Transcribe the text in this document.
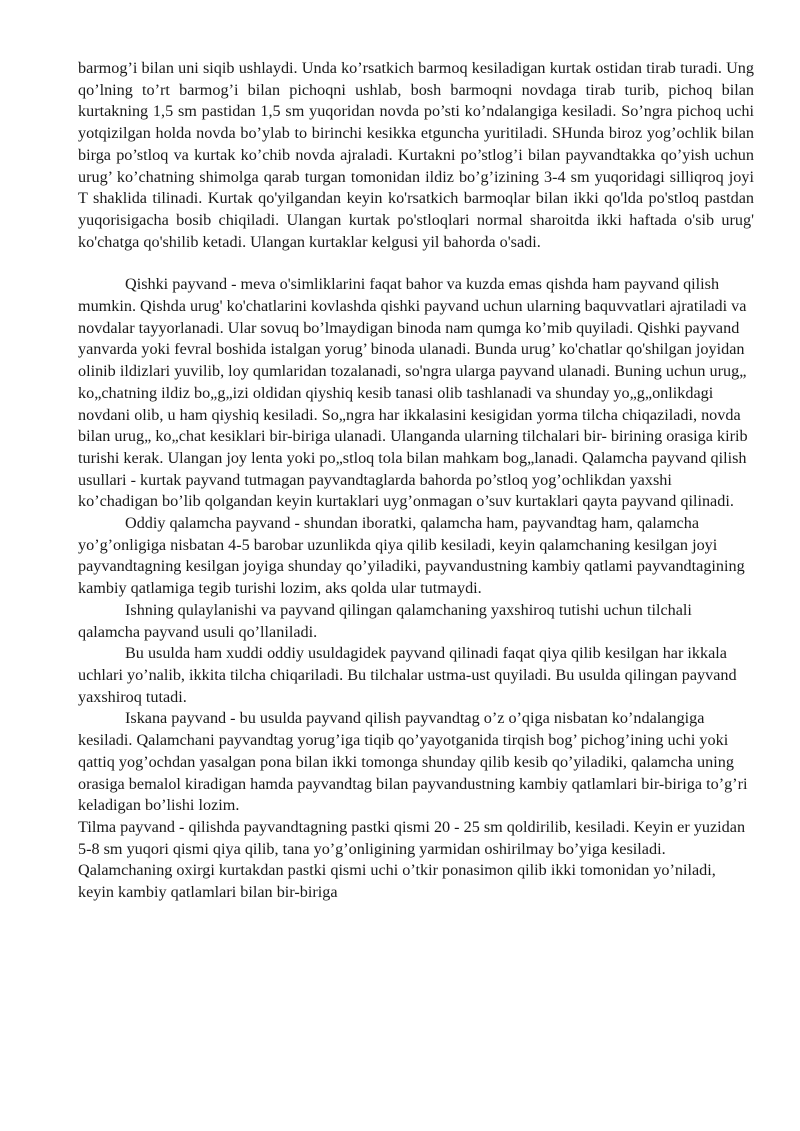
barmog’i bilan uni siqib ushlaydi. Unda ko’rsatkich barmoq kesiladigan kurtak ostidan tirab turadi. Ung qo’lning to’rt barmog’i bilan pichoqni ushlab, bosh barmoqni novdaga tirab turib, pichoq bilan kurtakning 1,5 sm pastidan 1,5 sm yuqoridan novda po’sti ko’ndalangiga kesiladi. So’ngra pichoq uchi yotqizilgan holda novda bo’ylab to birinchi kesikka etguncha yuritiladi. SHunda biroz yog’ochlik bilan birga po’stloq va kurtak ko’chib novda ajraladi. Kurtakni po’stlog’i bilan payvandtakka qo’yish uchun urug’ ko’chatning shimolga qarab turgan tomonidan ildiz bo’g’izining 3-4 sm yuqoridagi silliqroq joyi T shaklida tilinadi. Kurtak qo'yilgandan keyin ko'rsatkich barmoqlar bilan ikki qo'lda po'stloq pastdan yuqorisigacha bosib chiqiladi. Ulangan kurtak po'stloqlari normal sharoitda ikki haftada o'sib urug' ko'chatga qo'shilib ketadi. Ulangan kurtaklar kelgusi yil bahorda o'sadi.

Qishki payvand - meva o'simliklarini faqat bahor va kuzda emas qishda ham payvand qilish mumkin. Qishda urug' ko'chatlarini kovlashda qishki payvand uchun ularning baquvvatlari ajratiladi va novdalar tayyorlanadi. Ular sovuq bo’lmaydigan binoda nam qumga ko’mib quyiladi. Qishki payvand yanvarda yoki fevral boshida istalgan yorug’ binoda ulanadi. Bunda urug’ ko'chatlar qo'shilgan joyidan olinib ildizlari yuvilib, loy qumlaridan tozalanadi, so'ngra ularga payvand ulanadi. Buning uchun urug„ ko„chatning ildiz bo„g„izi oldidan qiyshiq kesib tanasi olib tashlanadi va shunday yo„g„onlikdagi novdani olib, u ham qiyshiq kesiladi. So„ngra har ikkalasini kesigidan yorma tilcha chiqaziladi, novda bilan urug„ ko„chat kesiklari bir-biriga ulanadi. Ulanganda ularning tilchalari bir- birining orasiga kirib turishi kerak. Ulangan joy lenta yoki po„stloq tola bilan mahkam bog„lanadi. Qalamcha payvand qilish usullari - kurtak payvand tutmagan payvandtaglarda bahorda po’stloq yog’ochlikdan yaxshi ko’chadigan bo’lib qolgandan keyin kurtaklari uyg’onmagan o’suv kurtaklari qayta payvand qilinadi.

Oddiy qalamcha payvand - shundan iboratki, qalamcha ham, payvandtag ham, qalamcha yo’g’onligiga nisbatan 4-5 barobar uzunlikda qiya qilib kesiladi, keyin qalamchaning kesilgan joyi payvandtagning kesilgan joyiga shunday qo’yiladiki, payvandustning kambiy qatlami payvandtagining kambiy qatlamiga tegib turishi lozim, aks qolda ular tutmaydi.

Ishning qulaylanishi va payvand qilingan qalamchaning yaxshiroq tutishi uchun tilchali qalamcha payvand usuli qo’llaniladi.

Bu usulda ham xuddi oddiy usuldagidek payvand qilinadi faqat qiya qilib kesilgan har ikkala uchlari yo’nalib, ikkita tilcha chiqariladi. Bu tilchalar ustma-ust quyiladi. Bu usulda qilingan payvand yaxshiroq tutadi.

Iskana payvand - bu usulda payvand qilish payvandtag o’z o’qiga nisbatan ko’ndalangiga kesiladi. Qalamchani payvandtag yorug’iga tiqib qo’yayotganida tirqish bog’ pichog’ining uchi yoki qattiq yog’ochdan yasalgan pona bilan ikki tomonga shunday qilib kesib qo’yiladiki, qalamcha uning orasiga bemalol kiradigan hamda payvandtag bilan payvandustning kambiy qatlamlari bir-biriga to’g’ri keladigan bo’lishi lozim.

Tilma payvand - qilishda payvandtagning pastki qismi 20 - 25 sm qoldirilib, kesiladi. Keyin er yuzidan 5-8 sm yuqori qismi qiya qilib, tana yo’g’onligining yarmidan oshirilmay bo’yiga kesiladi. Qalamchaning oxirgi kurtakdan pastki qismi uchi o’tkir ponasimon qilib ikki tomonidan yo’niladi, keyin kambiy qatlamlari bilan bir-biriga
